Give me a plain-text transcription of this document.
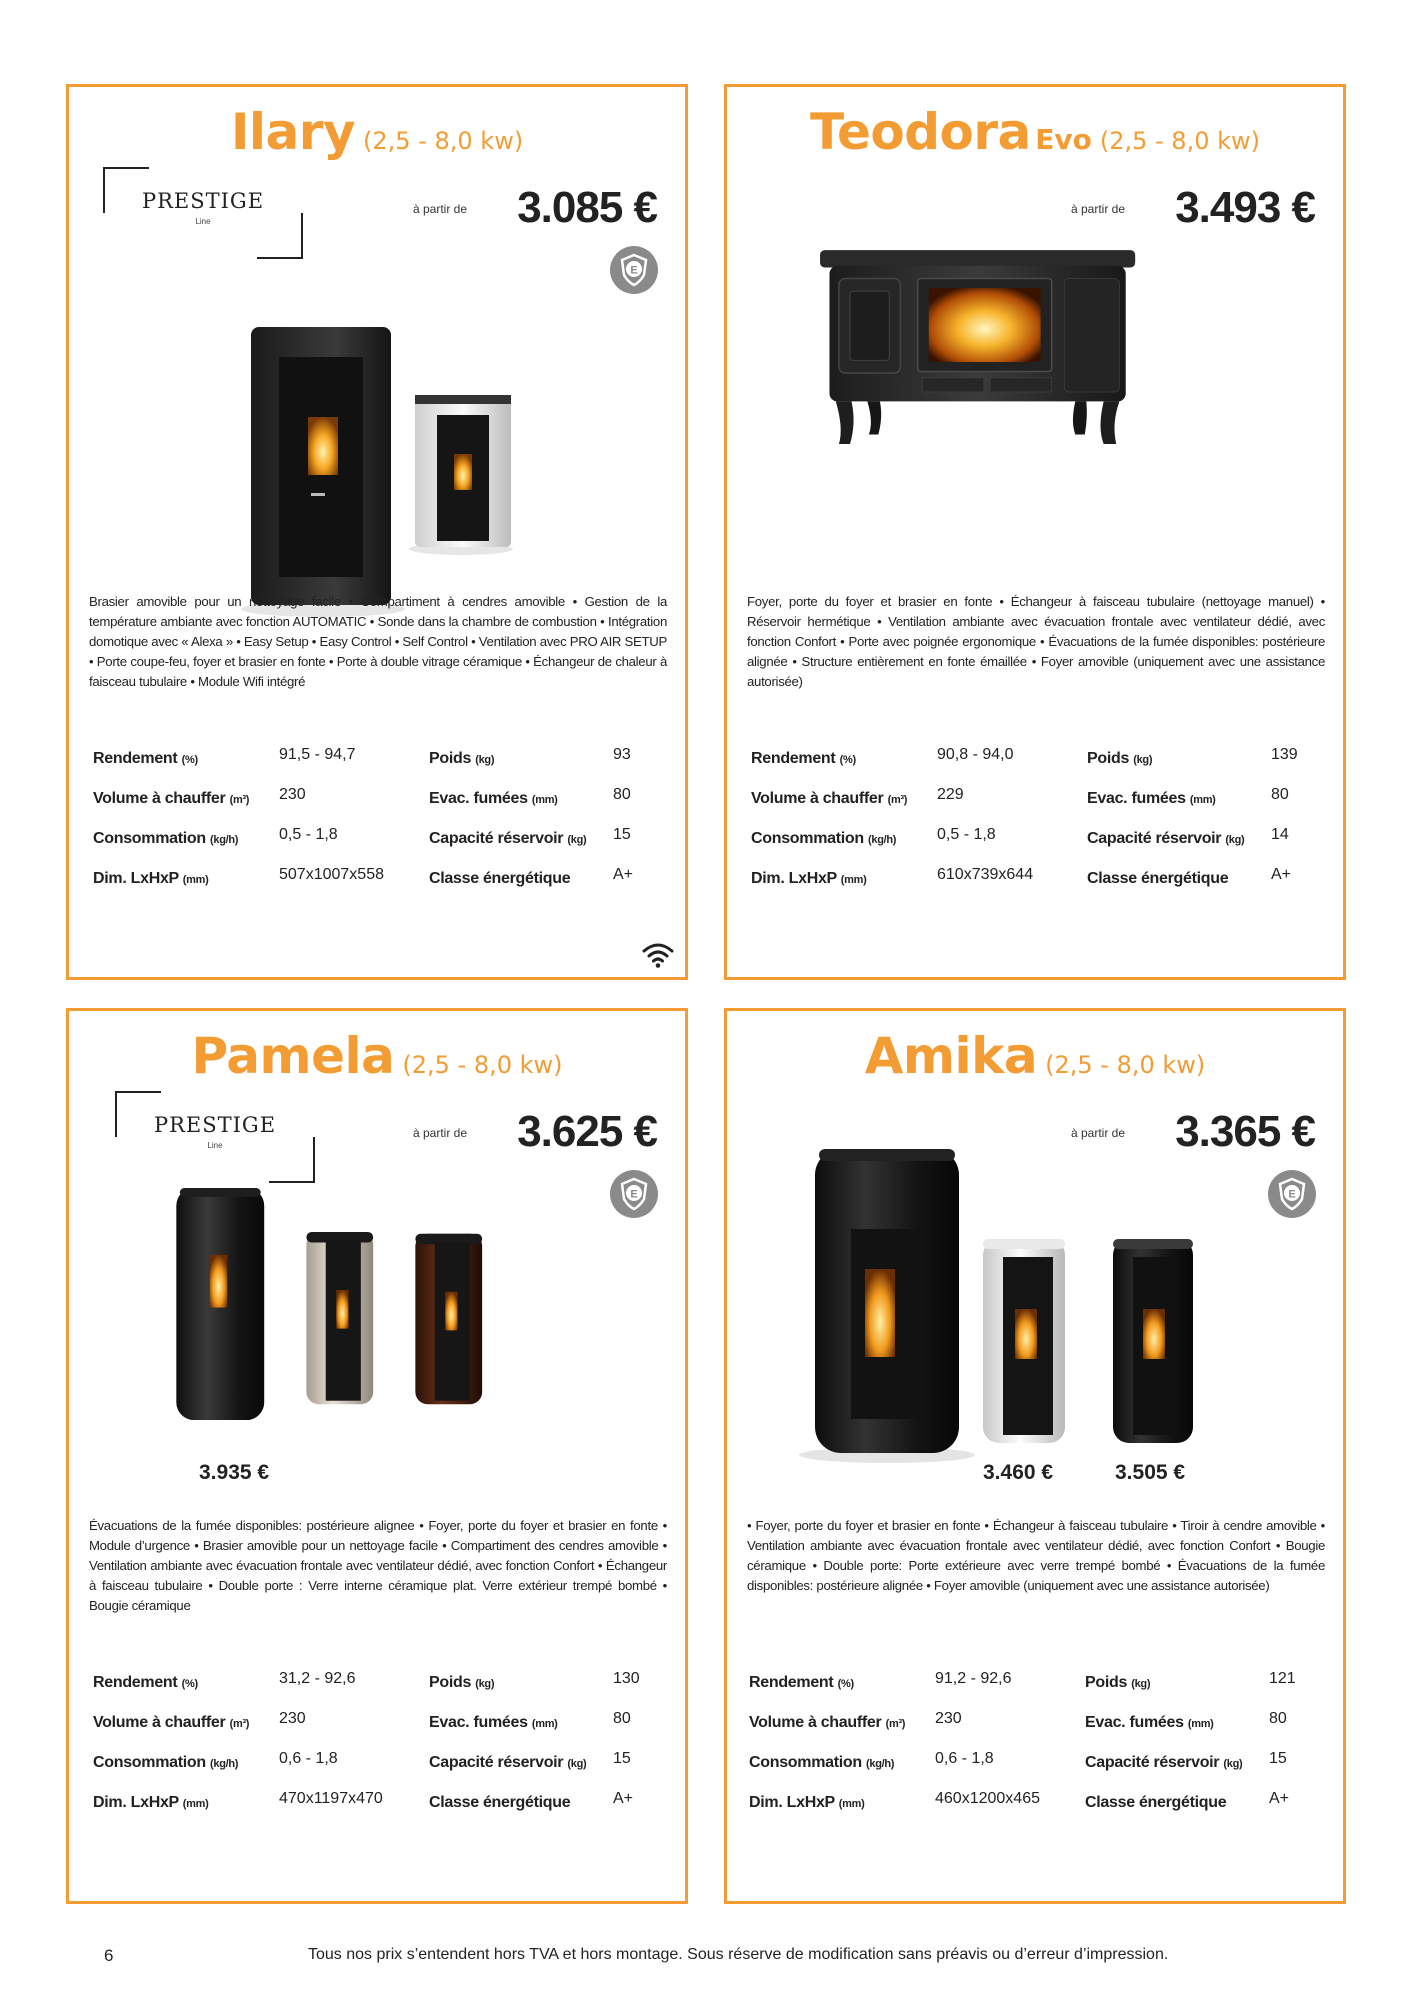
Ilary (2,5 - 8,0 kw)
PRESTIGE
Line
à partir de 3.085 €
E
Brasier amovible pour un nettoyage facile • Compartiment à cendres amovible • Gestion de la température ambiante avec fonction AUTOMATIC • Sonde dans la chambre de combustion • Intégration domotique avec « Alexa » • Easy Setup • Easy Control • Self Control • Ventilation avec PRO AIR SETUP • Porte coupe-feu, foyer et brasier en fonte • Porte à double vitrage céramique • Échangeur de chaleur à faisceau tubulaire • Module Wifi intégré
Rendement (%)	91,5 - 94,7	Poids (kg)	93
Volume à chauffer (m³) 230	Evac. fumées (mm)	80
Consommation (kg/h)	0,5 - 1,8	Capacité réservoir (kg) 15
Dim. LxHxP (mm)	507x1007x558	Classe énergétique	A+
Teodora Evo (2,5 - 8,0 kw)
à partir de 3.493 €
Foyer, porte du foyer et brasier en fonte • Échangeur à faisceau tubulaire (nettoyage manuel) • Réservoir hermétique • Ventilation ambiante avec évacuation frontale avec ventilateur dédié, avec fonction Confort • Porte avec poignée ergonomique • Évacuations de la fumée disponibles: postérieure alignée • Structure entièrement en fonte émaillée • Foyer amovible (uniquement avec une assistance autorisée)
Rendement (%)	90,8 - 94,0	Poids (kg)	139
Volume à chauffer (m³) 229	Evac. fumées (mm)	80
Consommation (kg/h)	0,5 - 1,8	Capacité réservoir (kg) 14
Dim. LxHxP (mm)	610x739x644	Classe énergétique	A+
Pamela (2,5 - 8,0 kw)
PRESTIGE
Line
à partir de 3.625 €
E
3.935 €
Évacuations de la fumée disponibles: postérieure alignee • Foyer, porte du foyer et brasier en fonte • Module d’urgence • Brasier amovible pour un nettoyage facile • Compartiment des cendres amovible • Ventilation ambiante avec évacuation frontale avec ventilateur dédié, avec fonction Confort • Échangeur à faisceau tubulaire • Double porte : Verre interne céramique plat. Verre extérieur trempé bombé • Bougie céramique
Rendement (%)	31,2 - 92,6	Poids (kg)	130
Volume à chauffer (m³) 230	Evac. fumées (mm)	80
Consommation (kg/h)	0,6 - 1,8	Capacité réservoir (kg) 15
Dim. LxHxP (mm)	470x1197x470	Classe énergétique	A+
Amika (2,5 - 8,0 kw)
à partir de 3.365 €
E
3.460 €	3.505 €
• Foyer, porte du foyer et brasier en fonte • Échangeur à faisceau tubulaire • Tiroir à cendre amovible • Ventilation ambiante avec évacuation frontale avec ventilateur dédié, avec fonction Confort • Bougie céramique • Double porte: Porte extérieure avec verre trempé bombé • Évacuations de la fumée disponibles: postérieure alignée • Foyer amovible (uniquement avec une assistance autorisée)
Rendement (%)	91,2 - 92,6	Poids (kg)	121
Volume à chauffer (m³) 230	Evac. fumées (mm)	80
Consommation (kg/h)	0,6 - 1,8	Capacité réservoir (kg) 15
Dim. LxHxP (mm)	460x1200x465	Classe énergétique	A+
6	Tous nos prix s’entendent hors TVA et hors montage. Sous réserve de modification sans préavis ou d’erreur d’impression.
